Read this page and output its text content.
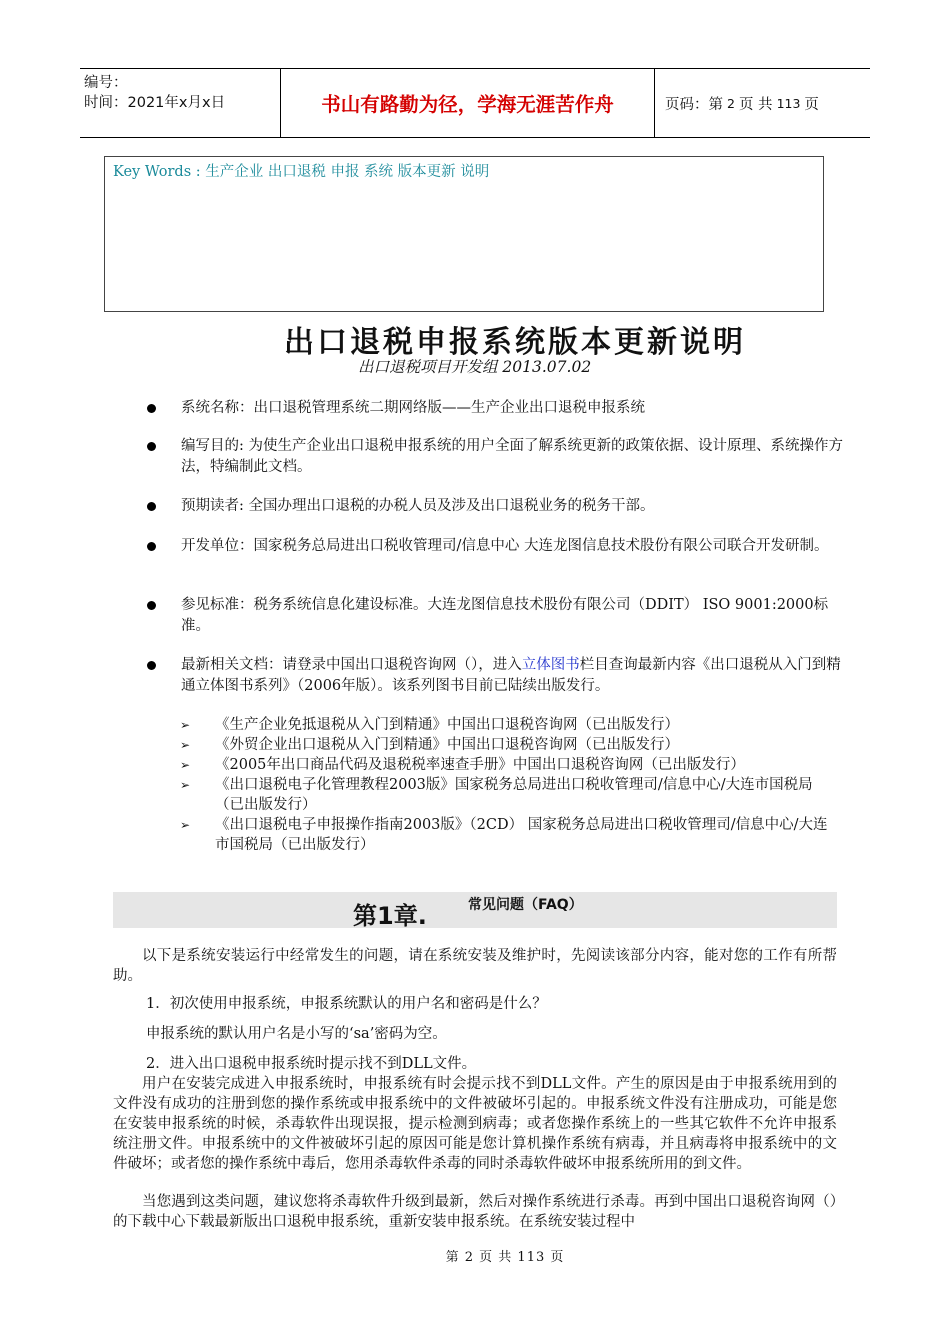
编号：
时间：2021年x月x日	书山有路勤为径，学海无涯苦作舟	页码：第 2 页 共 113 页
Key Words : 生产企业 出口退税 申报 系统 版本更新 说明
出口退税申报系统版本更新说明
出口退税项目开发组 2013.07.02
系统名称：出口退税管理系统二期网络版——生产企业出口退税申报系统
编写目的: 为使生产企业出口退税申报系统的用户全面了解系统更新的政策依据、设计原理、系统操作方法，特编制此文档。
预期读者: 全国办理出口退税的办税人员及涉及出口退税业务的税务干部。
开发单位：国家税务总局进出口税收管理司/信息中心 大连龙图信息技术股份有限公司联合开发研制。
参见标准：税务系统信息化建设标准。大连龙图信息技术股份有限公司（DDIT） ISO 9001:2000标准。
最新相关文档：请登录中国出口退税咨询网（），进入立体图书栏目查询最新内容《出口退税从入门到精通立体图书系列》（2006年版）。该系列图书目前已陆续出版发行。
➢ 《生产企业免抵退税从入门到精通》中国出口退税咨询网（已出版发行）
➢ 《外贸企业出口退税从入门到精通》中国出口退税咨询网（已出版发行）
➢ 《2005年出口商品代码及退税税率速查手册》中国出口退税咨询网（已出版发行）
➢ 《出口退税电子化管理教程2003版》国家税务总局进出口税收管理司/信息中心/大连市国税局（已出版发行）
➢ 《出口退税电子申报操作指南2003版》（2CD） 国家税务总局进出口税收管理司/信息中心/大连市国税局（已出版发行）
第1章.	常见问题（FAQ）
以下是系统安装运行中经常发生的问题，请在系统安装及维护时，先阅读该部分内容，能对您的工作有所帮助。
1．初次使用申报系统，申报系统默认的用户名和密码是什么？
申报系统的默认用户名是小写的‘sa’密码为空。
2．进入出口退税申报系统时提示找不到DLL文件。
用户在安装完成进入申报系统时，申报系统有时会提示找不到DLL文件。产生的原因是由于申报系统用到的文件没有成功的注册到您的操作系统或申报系统中的文件被破坏引起的。申报系统文件没有注册成功，可能是您在安装申报系统的时候，杀毒软件出现误报，提示检测到病毒；或者您操作系统上的一些其它软件不允许申报系统注册文件。申报系统中的文件被破坏引起的原因可能是您计算机操作系统有病毒，并且病毒将申报系统中的文件破坏；或者您的操作系统中毒后，您用杀毒软件杀毒的同时杀毒软件破坏申报系统所用的到文件。
当您遇到这类问题，建议您将杀毒软件升级到最新，然后对操作系统进行杀毒。再到中国出口退税咨询网（）的下载中心下载最新版出口退税申报系统，重新安装申报系统。在系统安装过程中
第 2 页 共 113 页
